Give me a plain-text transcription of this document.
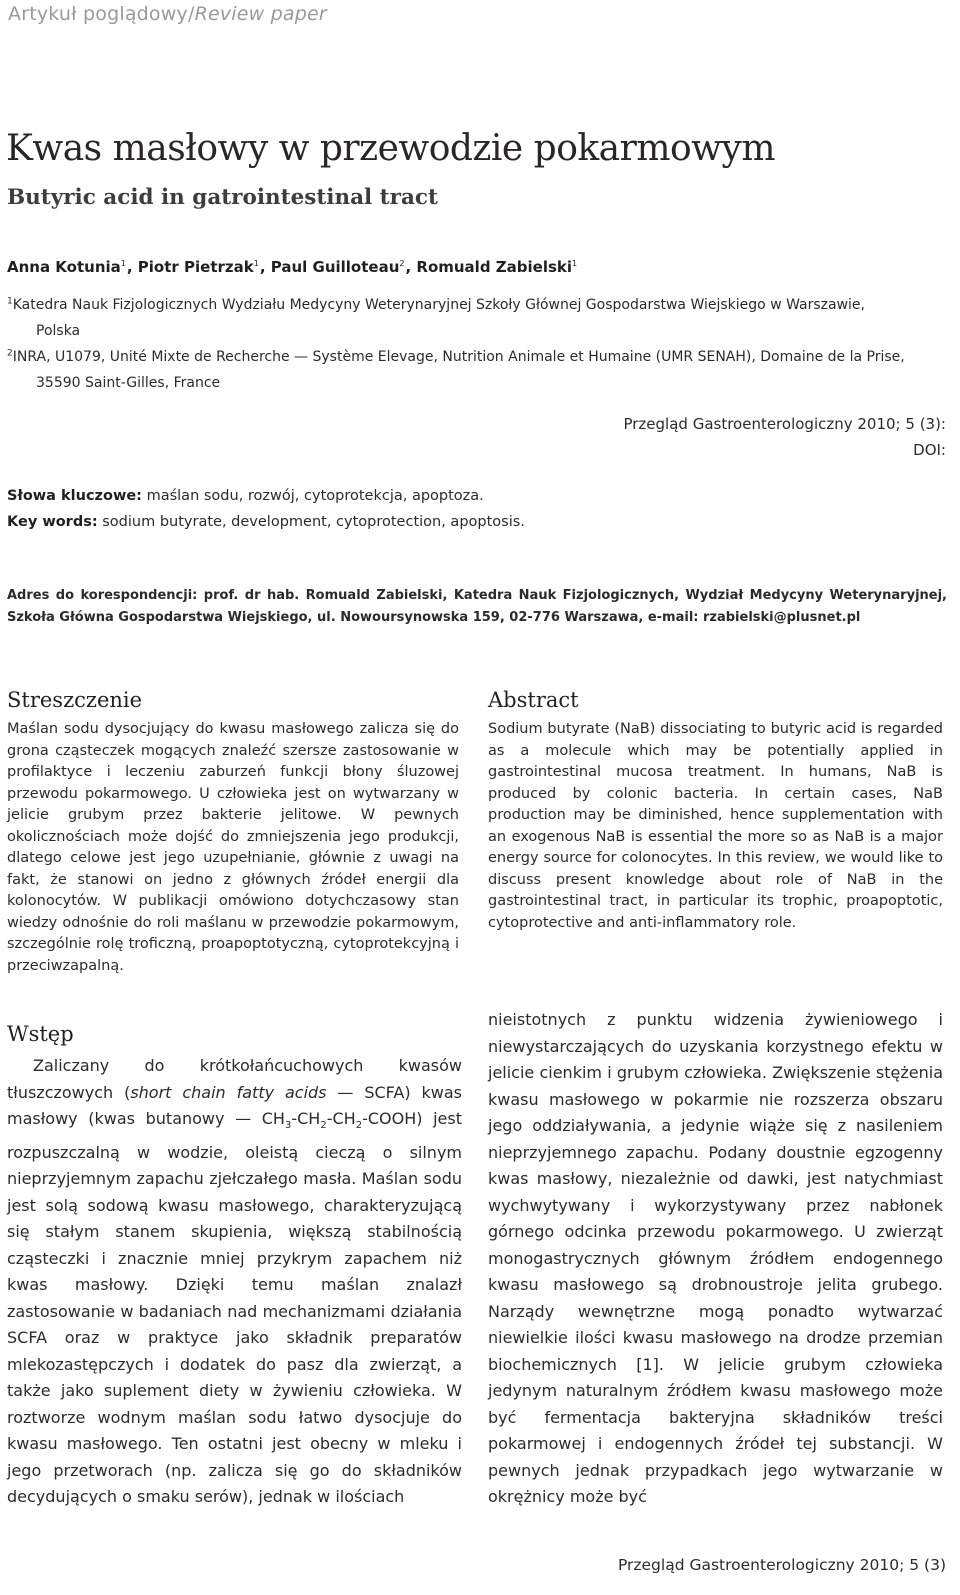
Artykuł poglądowy/Review paper
Kwas masłowy w przewodzie pokarmowym
Butyric acid in gatrointestinal tract
Anna Kotunia$^1$, Piotr Pietrzak$^1$, Paul Guilloteau$^2$, Romuald Zabielski$^1$
$^1$Katedra Nauk Fizjologicznych Wydziału Medycyny Weterynaryjnej Szkoły Głównej Gospodarstwa Wiejskiego w Warszawie,
Polska
$^2$INRA, U1079, Unité Mixte de Recherche — Système Elevage, Nutrition Animale et Humaine (UMR SENAH), Domaine de la Prise,
35590 Saint-Gilles, France
Przegląd Gastroenterologiczny 2010; 5 (3):
DOI:
Słowa kluczowe: maślan sodu, rozwój, cytoprotekcja, apoptoza.
Key words: sodium butyrate, development, cytoprotection, apoptosis.
Adres do korespondencji: prof. dr hab. Romuald Zabielski, Katedra Nauk Fizjologicznych, Wydział Medycyny Weterynaryjnej, Szkoła Główna Gospodarstwa Wiejskiego, ul. Nowoursynowska 159, 02-776 Warszawa, e-mail: rzabielski@plusnet.pl
Streszczenie
Maślan sodu dysocjujący do kwasu masłowego zalicza się do grona cząsteczek mogących znaleźć szersze zastosowanie w profilaktyce i leczeniu zaburzeń funkcji błony śluzowej przewodu pokarmowego. U człowieka jest on wytwarzany w jelicie grubym przez bakterie jelitowe. W pewnych okolicznościach może dojść do zmniejszenia jego produkcji, dlatego celowe jest jego uzupełnianie, głównie z uwagi na fakt, że stanowi on jedno z głównych źródeł energii dla kolonocytów. W publikacji omówiono dotychczasowy stan wiedzy odnośnie do roli maślanu w przewodzie pokarmowym, szczególnie rolę troficzną, proapoptotyczną, cytoprotekcyjną i przeciwzapalną.
Abstract
Sodium butyrate (NaB) dissociating to butyric acid is regarded as a molecule which may be potentially applied in gastrointestinal mucosa treatment. In humans, NaB is produced by colonic bacteria. In certain cases, NaB production may be diminished, hence supplementation with an exogenous NaB is essential the more so as NaB is a major energy source for colonocytes. In this review, we would like to discuss present knowledge about role of NaB in the gastrointestinal tract, in particular its trophic, proapoptotic, cytoprotective and anti-inflammatory role.
Wstęp
Zaliczany do krótkołańcuchowych kwasów tłuszczowych (short chain fatty acids — SCFA) kwas masłowy (kwas butanowy — $CH_3-CH_2-CH_2-COOH$) jest rozpuszczalną w wodzie, oleistą cieczą o silnym nieprzyjemnym zapachu zjełczałego masła. Maślan sodu jest solą sodową kwasu masłowego, charakteryzującą się stałym stanem skupienia, większą stabilnością cząsteczki i znacznie mniej przykrym zapachem niż kwas masłowy. Dzięki temu maślan znalazł zastosowanie w badaniach nad mechanizmami działania SCFA oraz w praktyce jako składnik preparatów mlekozastępczych i dodatek do pasz dla zwierząt, a także jako suplement diety w żywieniu człowieka. W roztworze wodnym maślan sodu łatwo dysocjuje do kwasu masłowego. Ten ostatni jest obecny w mleku i jego przetworach (np. zalicza się go do składników decydujących o smaku serów), jednak w ilościach
nieistotnych z punktu widzenia żywieniowego i niewystarczających do uzyskania korzystnego efektu w jelicie cienkim i grubym człowieka. Zwiększenie stężenia kwasu masłowego w pokarmie nie rozszerza obszaru jego oddziaływania, a jedynie wiąże się z nasileniem nieprzyjemnego zapachu. Podany doustnie egzogenny kwas masłowy, niezależnie od dawki, jest natychmiast wychwytywany i wykorzystywany przez nabłonek górnego odcinka przewodu pokarmowego. U zwierząt monogastrycznych głównym źródłem endogennego kwasu masłowego są drobnoustroje jelita grubego. Narządy wewnętrzne mogą ponadto wytwarzać niewielkie ilości kwasu masłowego na drodze przemian biochemicznych [1]. W jelicie grubym człowieka jedynym naturalnym źródłem kwasu masłowego może być fermentacja bakteryjna składników treści pokarmowej i endogennych źródeł tej substancji. W pewnych jednak przypadkach jego wytwarzanie w okrężnicy może być
Przegląd Gastroenterologiczny 2010; 5 (3)
